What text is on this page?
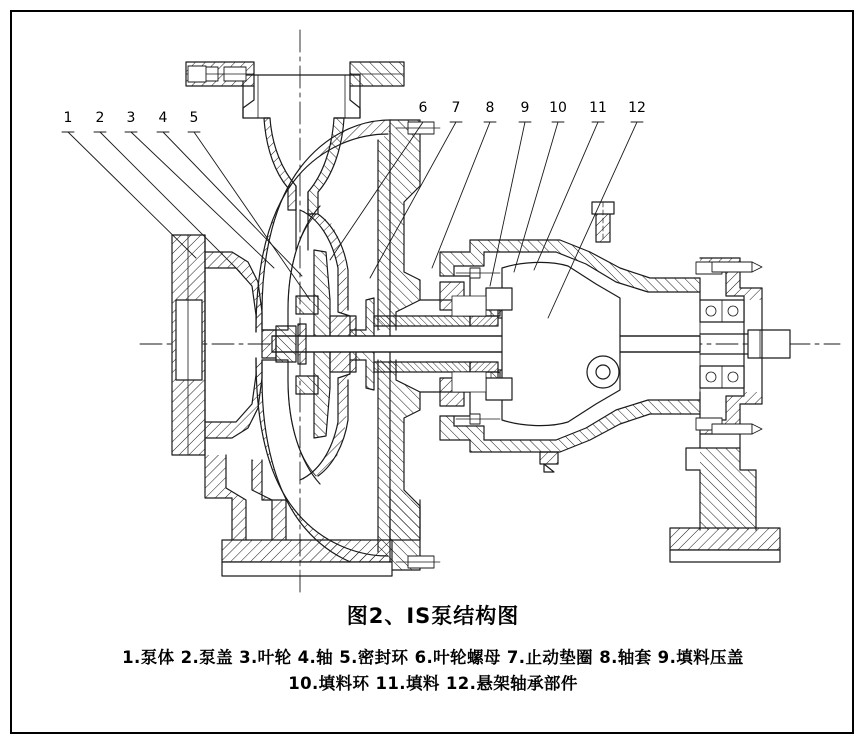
1 2 3 4 5
6 7 8 9 10 11 12
图2、IS泵结构图
1.泵体 2.泵盖 3.叶轮 4.轴 5.密封环 6.叶轮螺母 7.止动垫圈 8.轴套 9.填料压盖
10.填料环 11.填料 12.悬架轴承部件
